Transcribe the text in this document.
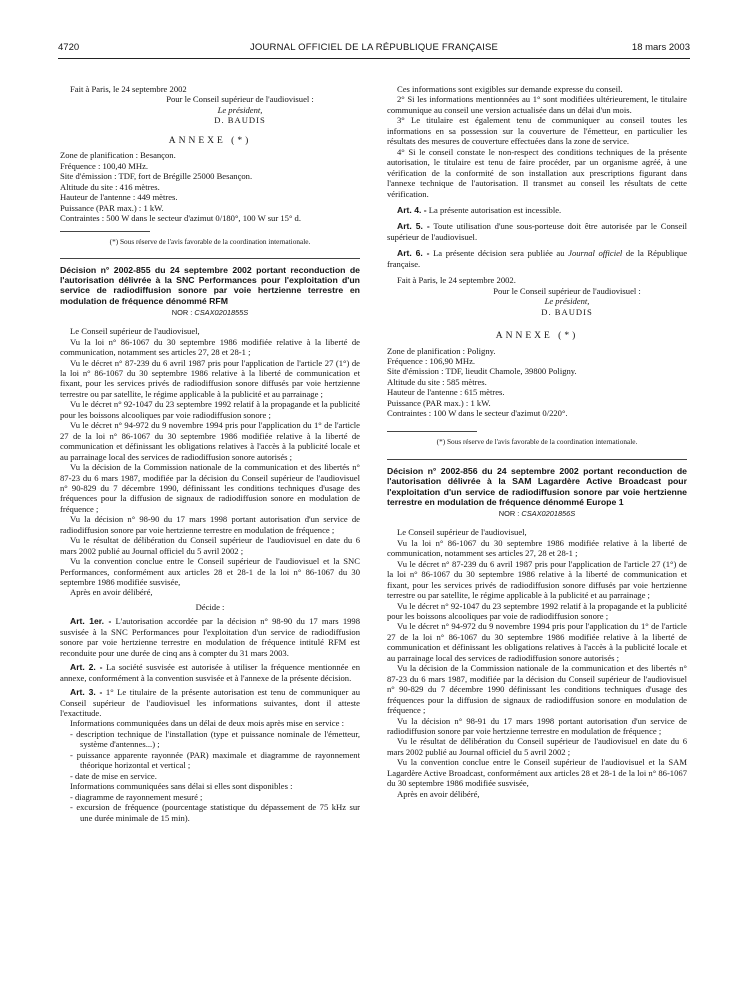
4720	JOURNAL OFFICIEL DE LA RÉPUBLIQUE FRANÇAISE	18 mars 2003

Fait à Paris, le 24 septembre 2002

Pour le Conseil supérieur de l'audiovisuel :

Le président,

D. BAUDIS

ANNEXE (*)

Zone de planification : Besançon.

Fréquence : 100,40 MHz.

Site d'émission : TDF, fort de Brégille 25000 Besançon.

Altitude du site : 416 mètres.

Hauteur de l'antenne : 449 mètres.

Puissance (PAR max.) : 1 kW.

Contraintes : 500 W dans le secteur d'azimut 0/180°, 100 W sur 15° d.

(*) Sous réserve de l'avis favorable de la coordination internationale.

Décision n° 2002-855 du 24 septembre 2002 portant reconduction de l'autorisation délivrée à la SNC Performances pour l'exploitation d'un service de radiodiffusion sonore par voie hertzienne terrestre en modulation de fréquence dénommé RFM

NOR : CSAX0201855S

Le Conseil supérieur de l'audiovisuel,

Vu la loi n° 86-1067 du 30 septembre 1986 modifiée relative à la liberté de communication, notamment ses articles 27, 28 et 28-1 ;

Vu le décret n° 87-239 du 6 avril 1987 pris pour l'application de l'article 27 (1°) de la loi n° 86-1067 du 30 septembre 1986 relative à la liberté de communication et fixant, pour les services privés de radiodiffusion sonore diffusés par voie hertzienne terrestre ou par satellite, le régime applicable à la publicité et au parrainage ;

Vu le décret n° 92-1047 du 23 septembre 1992 relatif à la propagande et la publicité pour les boissons alcooliques par voie radiodiffusion sonore ;

Vu le décret n° 94-972 du 9 novembre 1994 pris pour l'application du 1° de l'article 27 de la loi n° 86-1067 du 30 septembre 1986 modifiée relative à la liberté de communication et définissant les obligations relatives à l'accès à la publicité locale et au parrainage local des services de radiodiffusion sonore autorisés ;

Vu la décision de la Commission nationale de la communication et des libertés n° 87-23 du 6 mars 1987, modifiée par la décision du Conseil supérieur de l'audiovisuel n° 90-829 du 7 décembre 1990, définissant les conditions techniques d'usage des fréquences pour la diffusion de signaux de radiodiffusion sonore en modulation de fréquence ;

Vu la décision n° 98-90 du 17 mars 1998 portant autorisation d'un service de radiodiffusion sonore par voie hertzienne terrestre en modulation de fréquence ;

Vu le résultat de délibération du Conseil supérieur de l'audiovisuel en date du 6 mars 2002 publié au Journal officiel du 5 avril 2002 ;

Vu la convention conclue entre le Conseil supérieur de l'audiovisuel et la SNC Performances, conformément aux articles 28 et 28-1 de la loi n° 86-1067 du 30 septembre 1986 modifiée susvisée,

Après en avoir délibéré,

Décide :

Art. 1er. - L'autorisation accordée par la décision n° 98-90 du 17 mars 1998 susvisée à la SNC Performances pour l'exploitation d'un service de radiodiffusion sonore par voie hertzienne terrestre en modulation de fréquence intitulé RFM est reconduite pour une durée de cinq ans à compter du 31 mars 2003.

Art. 2. - La société susvisée est autorisée à utiliser la fréquence mentionnée en annexe, conformément à la convention susvisée et à l'annexe de la présente décision.

Art. 3. - 1° Le titulaire de la présente autorisation est tenu de communiquer au Conseil supérieur de l'audiovisuel les informations suivantes, dont il atteste l'exactitude.

Informations communiquées dans un délai de deux mois après mise en service :

- description technique de l'installation (type et puissance nominale de l'émetteur, système d'antennes...) ;

- puissance apparente rayonnée (PAR) maximale et diagramme de rayonnement théorique horizontal et vertical ;

- date de mise en service.

Informations communiquées sans délai si elles sont disponibles :

- diagramme de rayonnement mesuré ;

- excursion de fréquence (pourcentage statistique du dépassement de 75 kHz sur une durée minimale de 15 min).

Ces informations sont exigibles sur demande expresse du conseil.

2° Si les informations mentionnées au 1° sont modifiées ultérieurement, le titulaire communique au conseil une version actualisée dans un délai d'un mois.

3° Le titulaire est également tenu de communiquer au conseil toutes les informations en sa possession sur la couverture de l'émetteur, en particulier les résultats des mesures de couverture effectuées dans la zone de service.

4° Si le conseil constate le non-respect des conditions techniques de la présente autorisation, le titulaire est tenu de faire procéder, par un organisme agréé, à une vérification de la conformité de son installation aux prescriptions figurant dans l'annexe technique de l'autorisation. Il transmet au conseil les résultats de cette vérification.

Art. 4. - La présente autorisation est incessible.

Art. 5. - Toute utilisation d'une sous-porteuse doit être autorisée par le Conseil supérieur de l'audiovisuel.

Art. 6. - La présente décision sera publiée au Journal officiel de la République française.

Fait à Paris, le 24 septembre 2002.

Pour le Conseil supérieur de l'audiovisuel :

Le président,

D. BAUDIS

ANNEXE (*)

Zone de planification : Poligny.

Fréquence : 106,90 MHz.

Site d'émission : TDF, lieudit Chamole, 39800 Poligny.

Altitude du site : 585 mètres.

Hauteur de l'antenne : 615 mètres.

Puissance (PAR max.) : 1 kW.

Contraintes : 100 W dans le secteur d'azimut 0/220°.

(*) Sous réserve de l'avis favorable de la coordination internationale.

Décision n° 2002-856 du 24 septembre 2002 portant reconduction de l'autorisation délivrée à la SAM Lagardère Active Broadcast pour l'exploitation d'un service de radiodiffusion sonore par voie hertzienne terrestre en modulation de fréquence dénommé Europe 1

NOR : CSAX0201856S

Le Conseil supérieur de l'audiovisuel,

Vu la loi n° 86-1067 du 30 septembre 1986 modifiée relative à la liberté de communication, notamment ses articles 27, 28 et 28-1 ;

Vu le décret n° 87-239 du 6 avril 1987 pris pour l'application de l'article 27 (1°) de la loi n° 86-1067 du 30 septembre 1986 relative à la liberté de communication et fixant, pour les services privés de radiodiffusion sonore diffusés par voie hertzienne terrestre ou par satellite, le régime applicable à la publicité et au parrainage ;

Vu le décret n° 92-1047 du 23 septembre 1992 relatif à la propagande et la publicité pour les boissons alcooliques par voie de radiodiffusion sonore ;

Vu le décret n° 94-972 du 9 novembre 1994 pris pour l'application du 1° de l'article 27 de la loi n° 86-1067 du 30 septembre 1986 modifiée relative à la liberté de communication et définissant les obligations relatives à l'accès à la publicité locale et au parrainage local des services de radiodiffusion sonore autorisés ;

Vu la décision de la Commission nationale de la communication et des libertés n° 87-23 du 6 mars 1987, modifiée par la décision du Conseil supérieur de l'audiovisuel n° 90-829 du 7 décembre 1990 définissant les conditions techniques d'usage des fréquences pour la diffusion de signaux de radiodiffusion sonore en modulation de fréquence ;

Vu la décision n° 98-91 du 17 mars 1998 portant autorisation d'un service de radiodiffusion sonore par voie hertzienne terrestre en modulation de fréquence ;

Vu le résultat de délibération du Conseil supérieur de l'audiovisuel en date du 6 mars 2002 publié au Journal officiel du 5 avril 2002 ;

Vu la convention conclue entre le Conseil supérieur de l'audiovisuel et la SAM Lagardère Active Broadcast, conformément aux articles 28 et 28-1 de la loi n° 86-1067 du 30 septembre 1986 modifiée susvisée,

Après en avoir délibéré,
